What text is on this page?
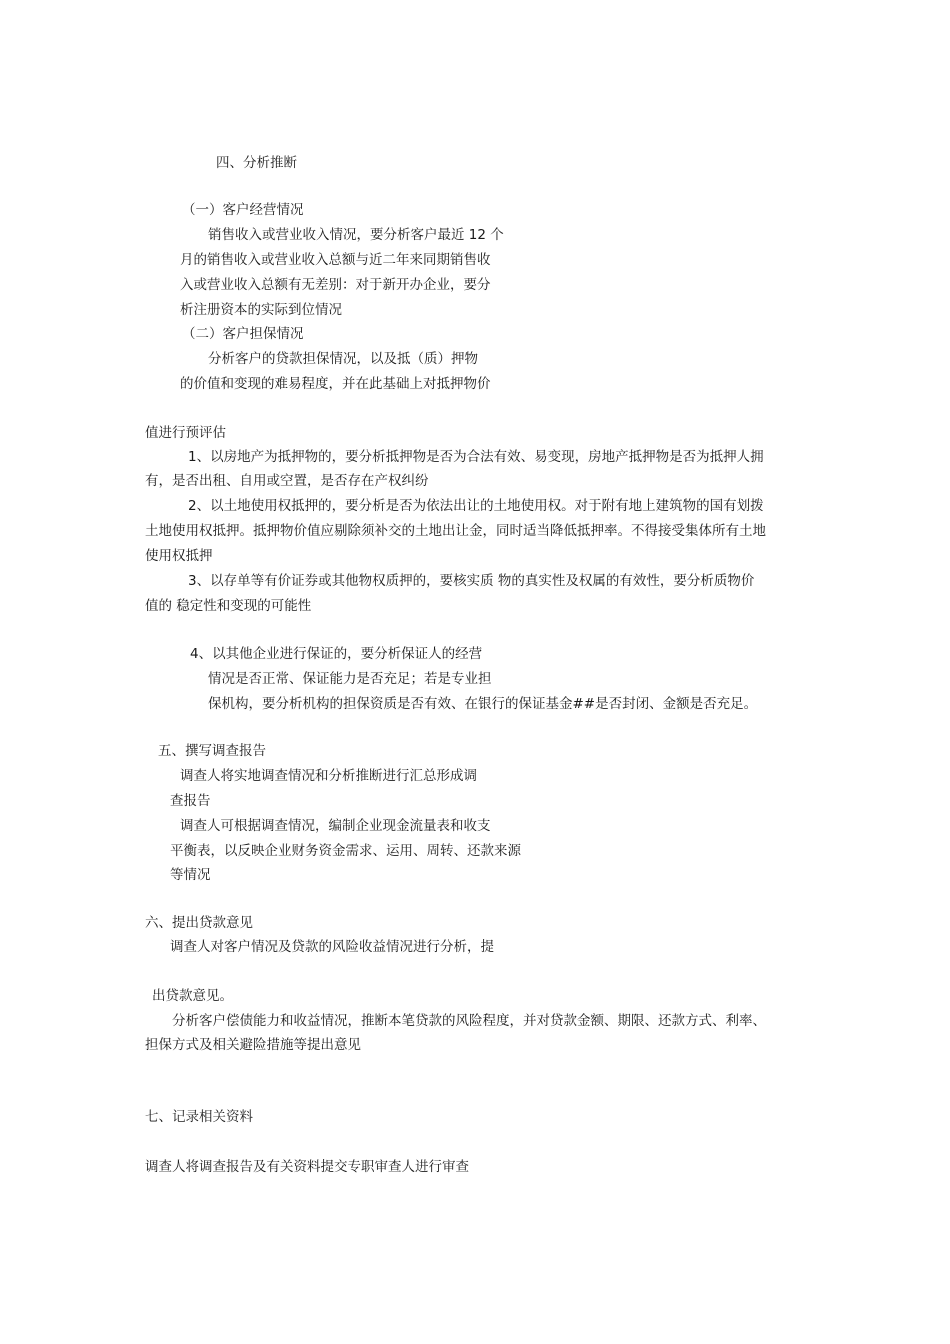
四、分析推断
（一）客户经营情况
销售收入或营业收入情况，要分析客户最近 12 个
月的销售收入或营业收入总额与近二年来同期销售收
入或营业收入总额有无差别：对于新开办企业，要分
析注册资本的实际到位情况
（二）客户担保情况
分析客户的贷款担保情况，以及抵（质）押物
的价值和变现的难易程度，并在此基础上对抵押物价
值进行预评估
1、以房地产为抵押物的，要分析抵押物是否为合法有效、易变现，房地产抵押物是否为抵押人拥
有，是否出租、自用或空置，是否存在产权纠纷
2、以土地使用权抵押的，要分析是否为依法出让的土地使用权。对于附有地上建筑物的国有划拨
土地使用权抵押。抵押物价值应剔除须补交的土地出让金，同时适当降低抵押率。不得接受集体所有土地
使用权抵押
3、以存单等有价证券或其他物权质押的，要核实质 物的真实性及权属的有效性，要分析质物价
值的 稳定性和变现的可能性
4、以其他企业进行保证的，要分析保证人的经营
情况是否正常、保证能力是否充足；若是专业担
保机构，要分析机构的担保资质是否有效、在银行的保证基金##是否封闭、金额是否充足。
五、撰写调查报告
调查人将实地调查情况和分析推断进行汇总形成调
查报告
调查人可根据调查情况，编制企业现金流量表和收支
平衡表，以反映企业财务资金需求、运用、周转、还款来源
等情况
六、提出贷款意见
调查人对客户情况及贷款的风险收益情况进行分析，提
出贷款意见。
分析客户偿债能力和收益情况，推断本笔贷款的风险程度，并对贷款金额、期限、还款方式、利率、
担保方式及相关避险措施等提出意见
七、记录相关资料
调查人将调查报告及有关资料提交专职审查人进行审查
